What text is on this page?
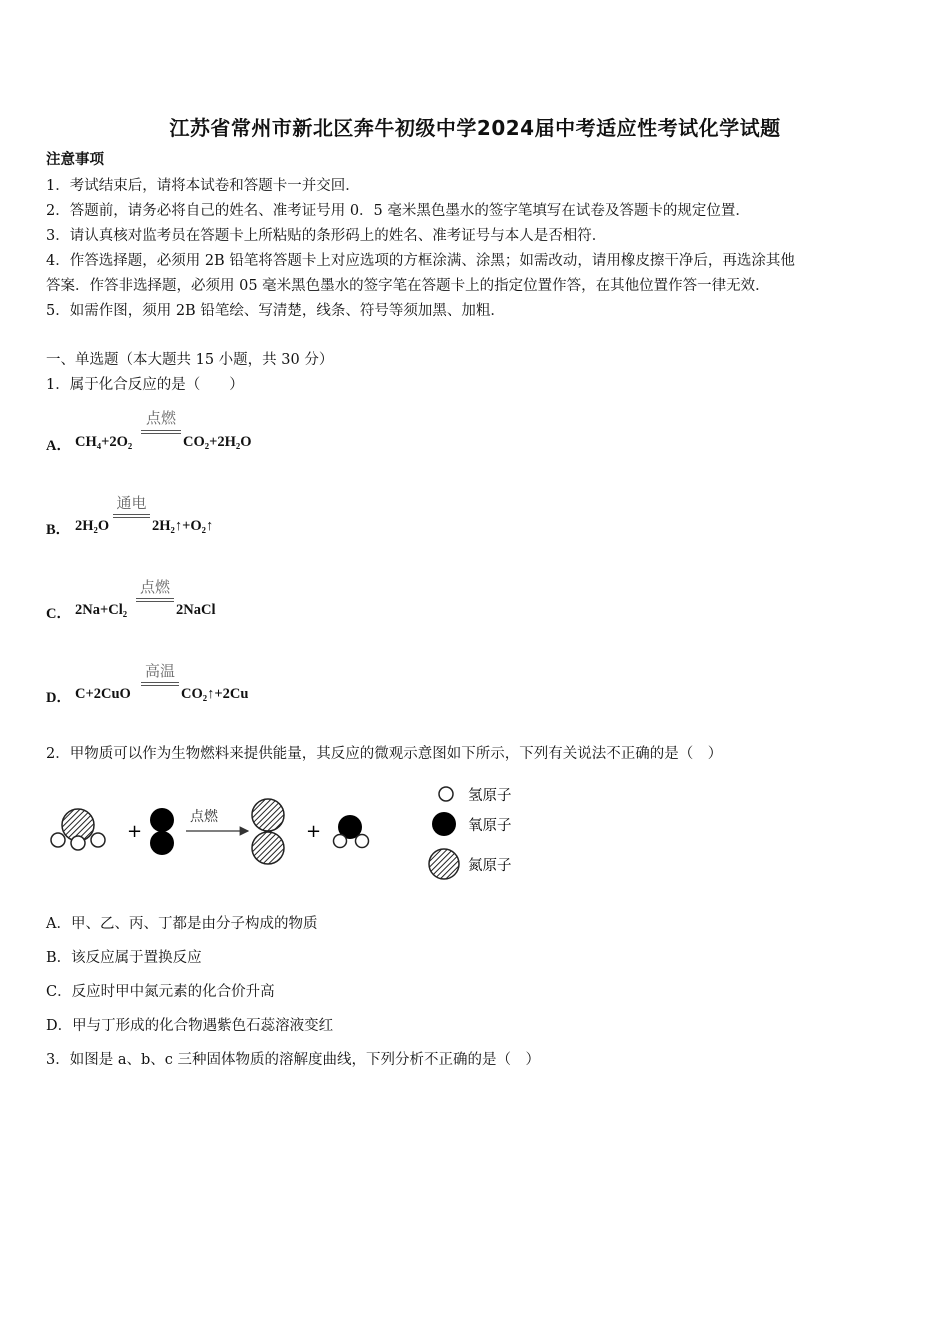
江苏省常州市新北区奔牛初级中学2024届中考适应性考试化学试题
注意事项
1．考试结束后，请将本试卷和答题卡一并交回．
2．答题前，请务必将自己的姓名、准考证号用 0．5 毫米黑色墨水的签字笔填写在试卷及答题卡的规定位置．
3．请认真核对监考员在答题卡上所粘贴的条形码上的姓名、准考证号与本人是否相符．
4．作答选择题，必须用 2B 铅笔将答题卡上对应选项的方框涂满、涂黑；如需改动，请用橡皮擦干净后，再选涂其他
答案．作答非选择题，必须用 05 毫米黑色墨水的签字笔在答题卡上的指定位置作答，在其他位置作答一律无效．
5．如需作图，须用 2B 铅笔绘、写清楚，线条、符号等须加黑、加粗．
一、单选题（本大题共 15 小题，共 30 分）
1．属于化合反应的是（　　）
A． CH₄+2O₂
点燃
CO₂+2H₂O
B． 2H₂O
通电
2H₂↑+O₂↑
C． 2Na+Cl₂
点燃
2NaCl
D． C+2CuO
高温
CO₂↑+2Cu
2．甲物质可以作为生物燃料来提供能量，其反应的微观示意图如下所示，下列有关说法不正确的是（　）
+
点燃
+
氢原子
氧原子
氮原子
A．甲、乙、丙、丁都是由分子构成的物质
B．该反应属于置换反应
C．反应时甲中氮元素的化合价升高
D．甲与丁形成的化合物遇紫色石蕊溶液变红
3．如图是 a、b、c 三种固体物质的溶解度曲线，下列分析不正确的是（　）
